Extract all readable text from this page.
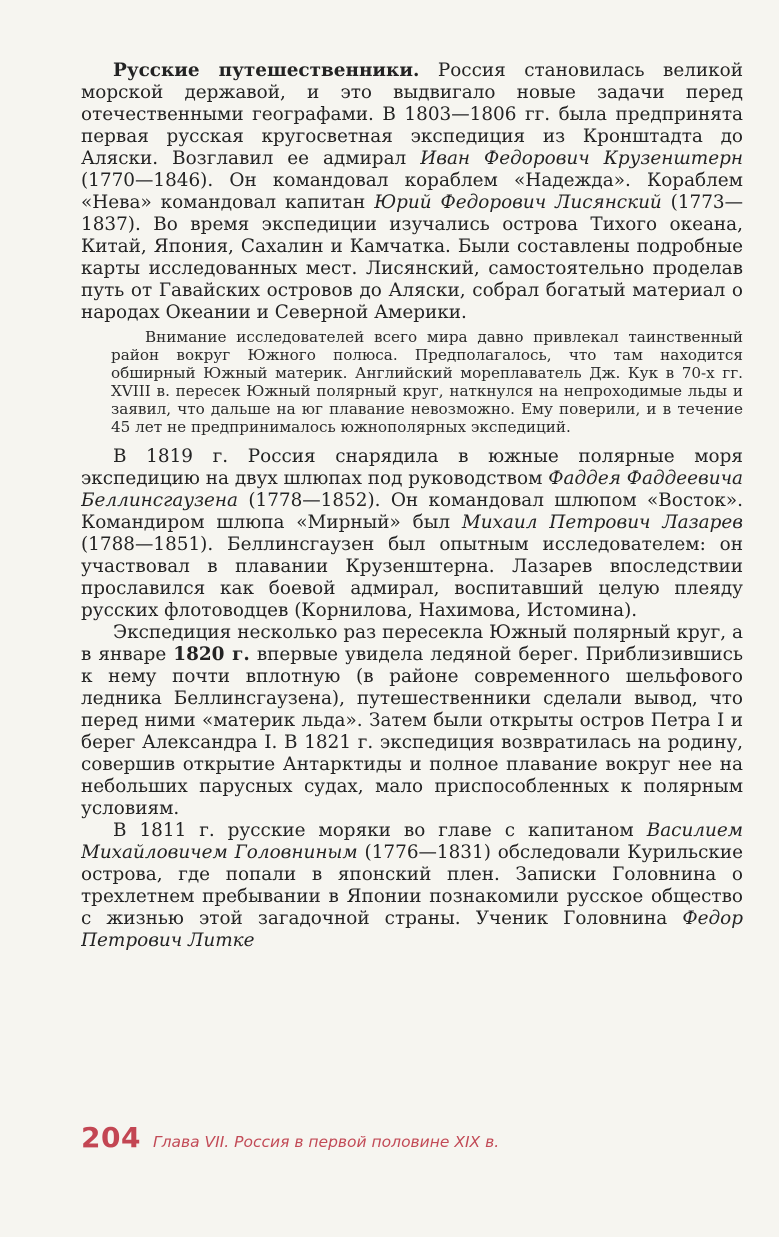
Русские путешественники. Россия становилась великой морской державой, и это выдвигало новые задачи перед отечественными географами. В 1803—1806 гг. была предпринята первая русская кругосветная экспедиция из Кронштадта до Аляски. Возглавил ее адмирал Иван Федорович Крузенштерн (1770—1846). Он командовал кораблем «Надежда». Кораблем «Нева» командовал капитан Юрий Федорович Лисянский (1773—1837). Во время экспедиции изучались острова Тихого океана, Китай, Япония, Сахалин и Камчатка. Были составлены подробные карты исследованных мест. Лисянский, самостоятельно проделав путь от Гавайских островов до Аляски, собрал богатый материал о народах Океании и Северной Америки.

Внимание исследователей всего мира давно привлекал таинственный район вокруг Южного полюса. Предполагалось, что там находится обширный Южный материк. Английский мореплаватель Дж. Кук в 70-х гг. XVIII в. пересек Южный полярный круг, наткнулся на непроходимые льды и заявил, что дальше на юг плавание невозможно. Ему поверили, и в течение 45 лет не предпринималось южнополярных экспедиций.

В 1819 г. Россия снарядила в южные полярные моря экспедицию на двух шлюпах под руководством Фаддея Фаддеевича Беллинсгаузена (1778—1852). Он командовал шлюпом «Восток». Командиром шлюпа «Мирный» был Михаил Петрович Лазарев (1788—1851). Беллинсгаузен был опытным исследователем: он участвовал в плавании Крузенштерна. Лазарев впоследствии прославился как боевой адмирал, воспитавший целую плеяду русских флотоводцев (Корнилова, Нахимова, Истомина).

Экспедиция несколько раз пересекла Южный полярный круг, а в январе 1820 г. впервые увидела ледяной берег. Приблизившись к нему почти вплотную (в районе современного шельфового ледника Беллинсгаузена), путешественники сделали вывод, что перед ними «материк льда». Затем были открыты остров Петра I и берег Александра I. В 1821 г. экспедиция возвратилась на родину, совершив открытие Антарктиды и полное плавание вокруг нее на небольших парусных судах, мало приспособленных к полярным условиям.

В 1811 г. русские моряки во главе с капитаном Василием Михайловичем Головниным (1776—1831) обследовали Курильские острова, где попали в японский плен. Записки Головнина о трехлетнем пребывании в Японии познакомили русское общество с жизнью этой загадочной страны. Ученик Головнина Федор Петрович Литке

204 Глава VII. Россия в первой половине XIX в.
